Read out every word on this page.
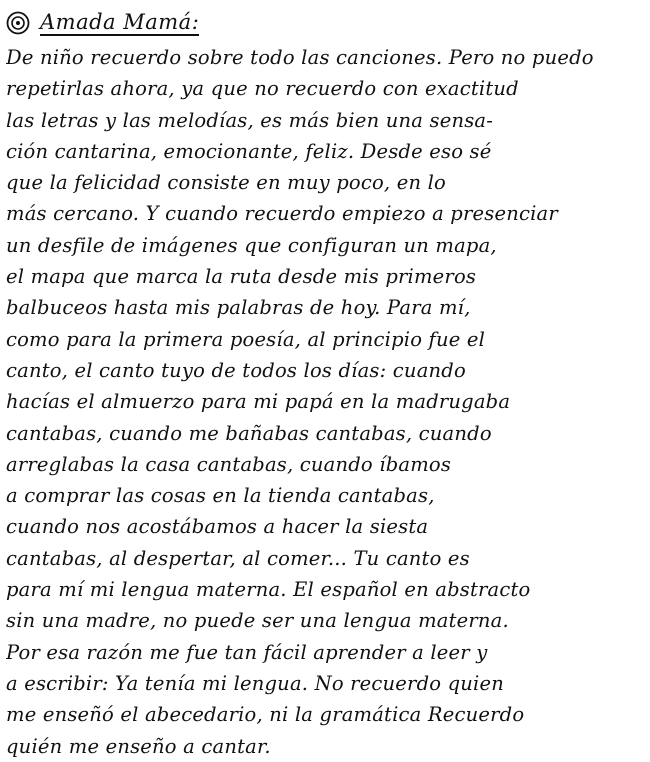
Amada Mamá:
De niño recuerdo sobre todo las canciones. Pero no puedo
repetirlas ahora, ya que no recuerdo con exactitud
las letras y las melodías, es más bien una sensa-
ción cantarina, emocionante, feliz. Desde eso sé
que la felicidad consiste en muy poco, en lo
más cercano. Y cuando recuerdo empiezo a presenciar
un desfile de imágenes que configuran un mapa,
el mapa que marca la ruta desde mis primeros
balbuceos hasta mis palabras de hoy. Para mí,
como para la primera poesía, al principio fue el
canto, el canto tuyo de todos los días: cuando
hacías el almuerzo para mi papá en la madrugaba
cantabas, cuando me bañabas cantabas, cuando
arreglabas la casa cantabas, cuando íbamos
a comprar las cosas en la tienda cantabas,
cuando nos acostábamos a hacer la siesta
cantabas, al despertar, al comer... Tu canto es
para mí mi lengua materna. El español en abstracto
sin una madre, no puede ser una lengua materna.
Por esa razón me fue tan fácil aprender a leer y
a escribir: Ya tenía mi lengua. No recuerdo quien
me enseñó el abecedario, ni la gramática Recuerdo
quién me enseño a cantar.
